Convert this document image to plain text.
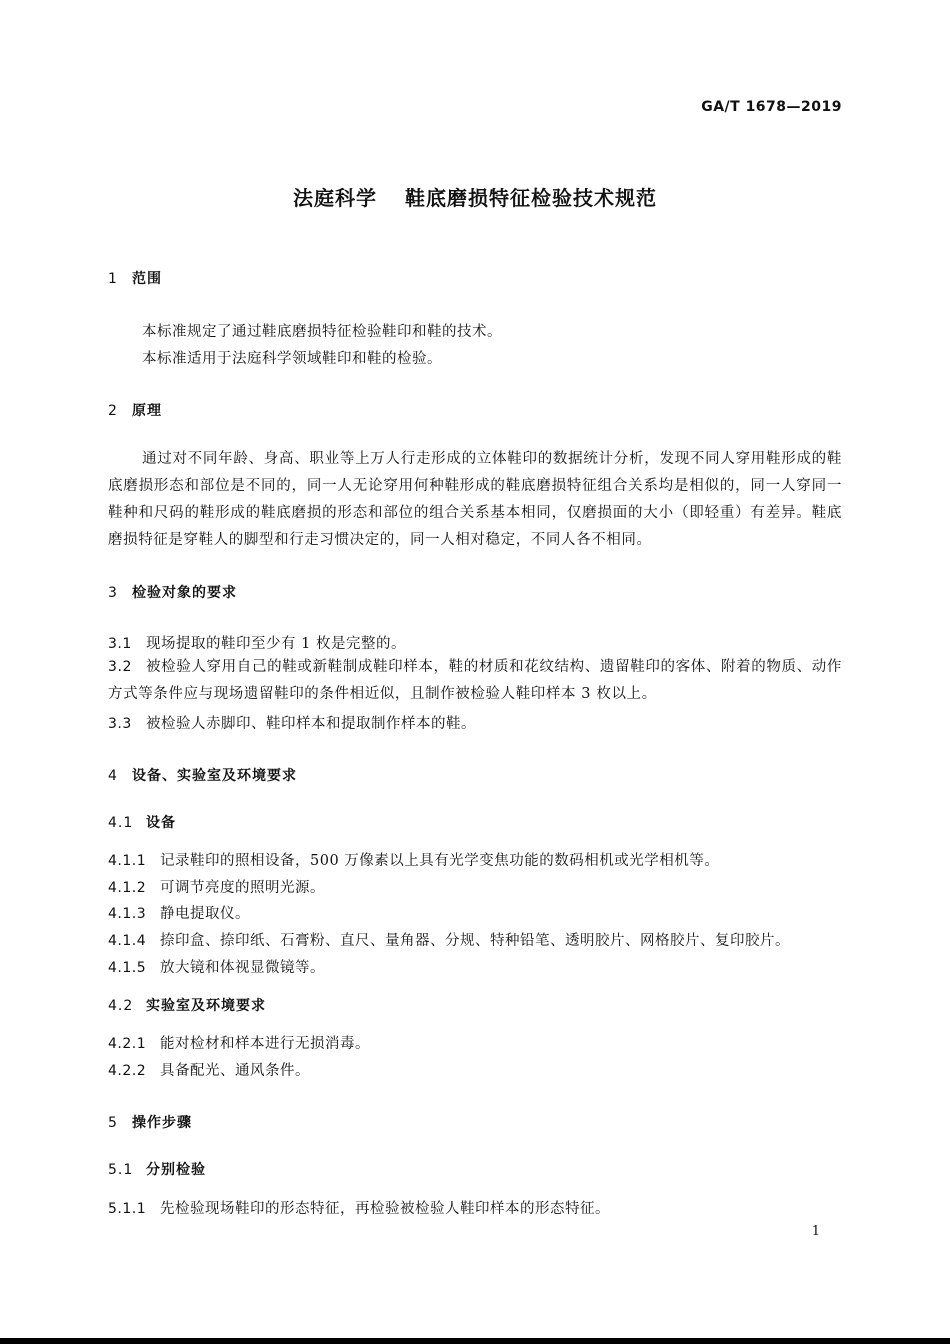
GA/T 1678—2019
法庭科学 鞋底磨损特征检验技术规范
1 范围
本标准规定了通过鞋底磨损特征检验鞋印和鞋的技术。
本标准适用于法庭科学领域鞋印和鞋的检验。
2 原理
通过对不同年龄、身高、职业等上万人行走形成的立体鞋印的数据统计分析，发现不同人穿用鞋形成的鞋底磨损形态和部位是不同的，同一人无论穿用何种鞋形成的鞋底磨损特征组合关系均是相似的，同一人穿同一鞋种和尺码的鞋形成的鞋底磨损的形态和部位的组合关系基本相同，仅磨损面的大小（即轻重）有差异。鞋底磨损特征是穿鞋人的脚型和行走习惯决定的，同一人相对稳定，不同人各不相同。
3 检验对象的要求
3.1 现场提取的鞋印至少有 1 枚是完整的。
3.2 被检验人穿用自己的鞋或新鞋制成鞋印样本，鞋的材质和花纹结构、遗留鞋印的客体、附着的物质、动作方式等条件应与现场遗留鞋印的条件相近似，且制作被检验人鞋印样本 3 枚以上。
3.3 被检验人赤脚印、鞋印样本和提取制作样本的鞋。
4 设备、实验室及环境要求
4.1 设备
4.1.1 记录鞋印的照相设备，500 万像素以上具有光学变焦功能的数码相机或光学相机等。
4.1.2 可调节亮度的照明光源。
4.1.3 静电提取仪。
4.1.4 捺印盒、捺印纸、石膏粉、直尺、量角器、分规、特种铅笔、透明胶片、网格胶片、复印胶片。
4.1.5 放大镜和体视显微镜等。
4.2 实验室及环境要求
4.2.1 能对检材和样本进行无损消毒。
4.2.2 具备配光、通风条件。
5 操作步骤
5.1 分别检验
5.1.1 先检验现场鞋印的形态特征，再检验被检验人鞋印样本的形态特征。
1
